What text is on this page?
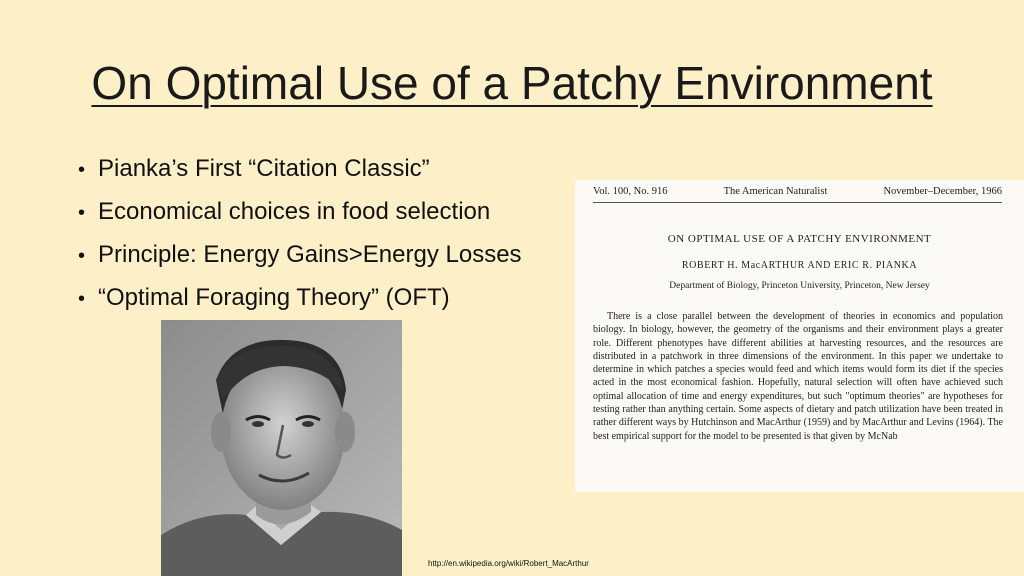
On Optimal Use of a Patchy Environment
• Pianka’s First “Citation Classic”
• Economical choices in food selection
• Principle: Energy Gains>Energy Losses
• “Optimal Foraging Theory” (OFT)
Vol. 100, No. 916	The American Naturalist	November–December, 1966
ON OPTIMAL USE OF A PATCHY ENVIRONMENT
ROBERT H. MacARTHUR AND ERIC R. PIANKA
Department of Biology, Princeton University, Princeton, New Jersey

There is a close parallel between the development of theories in economics and population biology. In biology, however, the geometry of the organisms and their environment plays a greater role. Different phenotypes have different abilities at harvesting resources, and the resources are distributed in a patchwork in three dimensions of the environment. In this paper we undertake to determine in which patches a species would feed and which items would form its diet if the species acted in the most economical fashion. Hopefully, natural selection will often have achieved such optimal allocation of time and energy expenditures, but such "optimum theories" are hypotheses for testing rather than anything certain. Some aspects of dietary and patch utilization have been treated in rather different ways by Hutchinson and MacArthur (1959) and by MacArthur and Levins (1964). The best empirical support for the model to be presented is that given by McNab

http://en.wikipedia.org/wiki/Robert_MacArthur
